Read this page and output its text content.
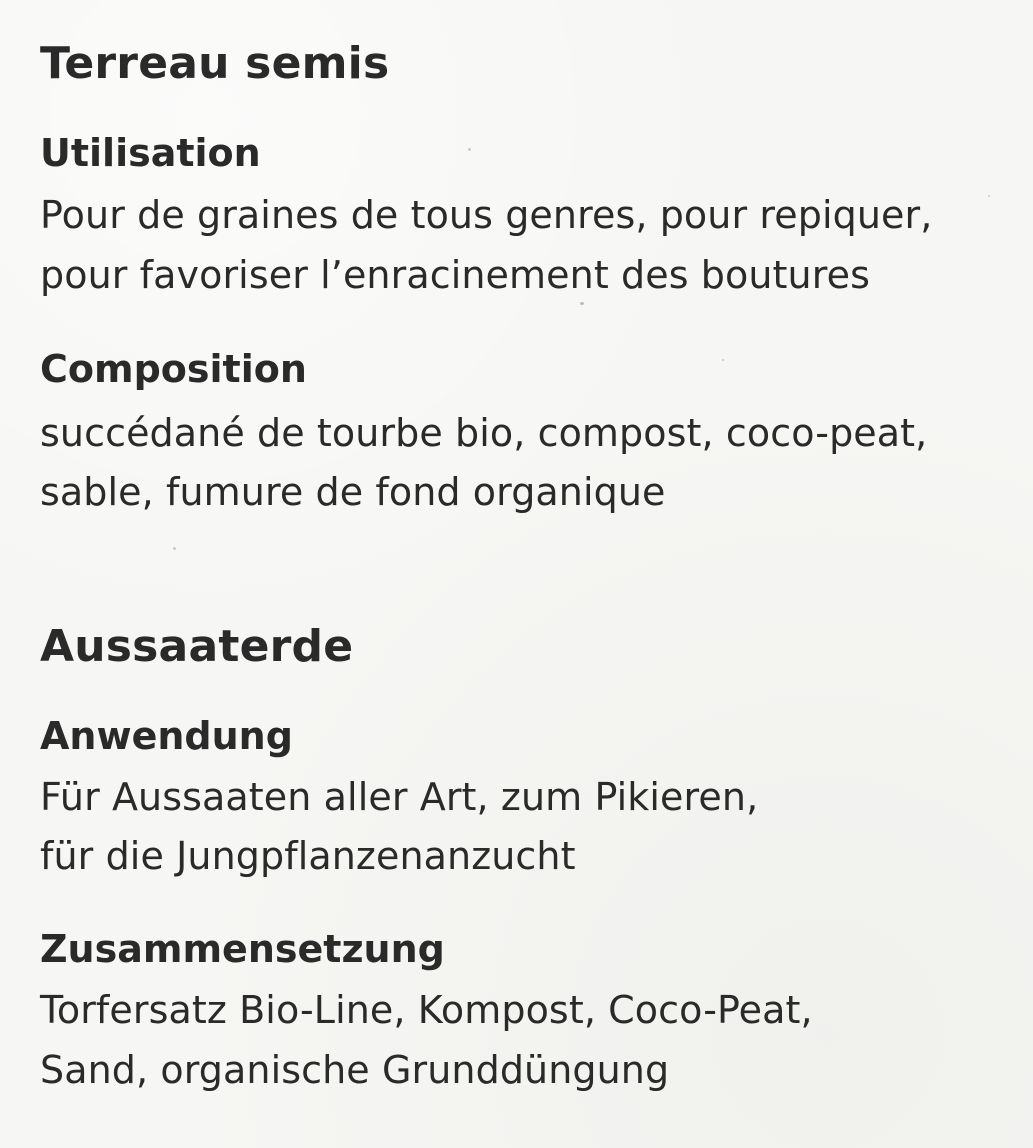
Terreau semis
Utilisation
Pour de graines de tous genres, pour repiquer,
pour favoriser l’enracinement des boutures
Composition
succédané de tourbe bio, compost, coco-peat,
sable, fumure de fond organique
Aussaaterde
Anwendung
Für Aussaaten aller Art, zum Pikieren,
für die Jungpflanzenanzucht
Zusammensetzung
Torfersatz Bio-Line, Kompost, Coco-Peat,
Sand, organische Grunddüngung
